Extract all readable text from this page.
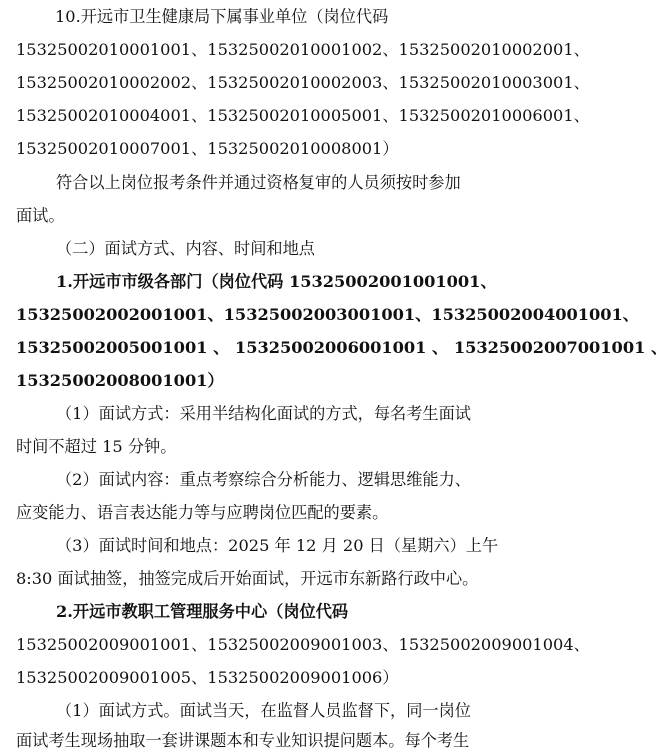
10.开远市卫生健康局下属事业单位（岗位代码
15325002010001001、15325002010001002、15325002010002001、
15325002010002002、15325002010002003、15325002010003001、
15325002010004001、15325002010005001、15325002010006001、
15325002010007001、15325002010008001）
符合以上岗位报考条件并通过资格复审的人员须按时参加
面试。
（二）面试方式、内容、时间和地点
1.开远市市级各部门（岗位代码 15325002001001001、
15325002002001001、15325002003001001、15325002004001001、
15325002005001001 、 15325002006001001 、 15325002007001001 、
15325002008001001）
（1）面试方式：采用半结构化面试的方式，每名考生面试
时间不超过 15 分钟。
（2）面试内容：重点考察综合分析能力、逻辑思维能力、
应变能力、语言表达能力等与应聘岗位匹配的要素。
（3）面试时间和地点：2025 年 12 月 20 日（星期六）上午
8:30 面试抽签，抽签完成后开始面试，开远市东新路行政中心。
2.开远市教职工管理服务中心（岗位代码
15325002009001001、15325002009001003、15325002009001004、
15325002009001005、15325002009001006）
（1）面试方式。面试当天，在监督人员监督下，同一岗位
面试考生现场抽取一套讲课题本和专业知识提问题本。每个考生
